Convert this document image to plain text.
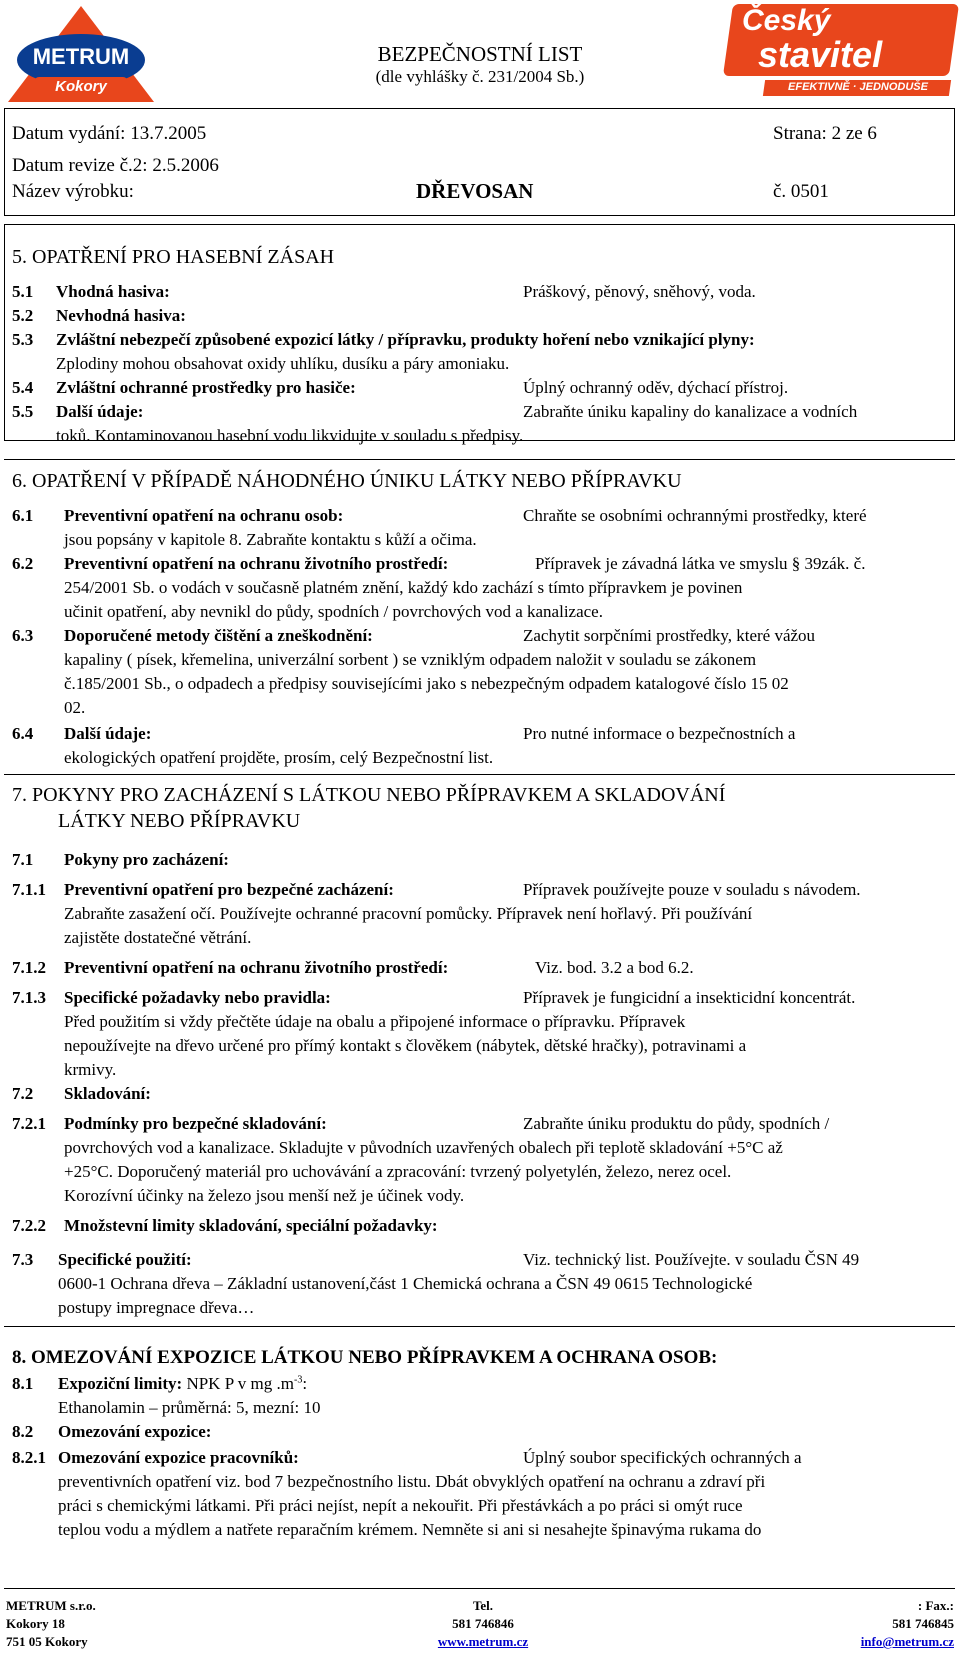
METRUM
Kokory
BEZPEČNOSTNÍ LIST
(dle vyhlášky č. 231/2004 Sb.)
Český
stavitel
EFEKTIVNĚ · JEDNODUŠE
Datum vydání: 13.7.2005	Strana: 2 ze 6
Datum revize č.2: 2.5.2006
Název výrobku:	DŘEVOSAN	č. 0501
5. OPATŘENÍ PRO HASEBNÍ ZÁSAH
5.1 Vhodná hasiva:	Práškový, pěnový, sněhový, voda.
5.2 Nevhodná hasiva:
5.3 Zvláštní nebezpečí způsobené expozicí látky / přípravku, produkty hoření nebo vznikající plyny:
Zplodiny mohou obsahovat oxidy uhlíku, dusíku a páry amoniaku.
5.4 Zvláštní ochranné prostředky pro hasiče:	Úplný ochranný oděv, dýchací přístroj.
5.5 Další údaje:	Zabraňte úniku kapaliny do kanalizace a vodních
toků. Kontaminovanou hasební vodu likvidujte v souladu s předpisy.
6. OPATŘENÍ V PŘÍPADĚ NÁHODNÉHO ÚNIKU LÁTKY NEBO PŘÍPRAVKU
6.1 Preventivní opatření na ochranu osob:	Chraňte se osobními ochrannými prostředky, které
jsou popsány v kapitole 8. Zabraňte kontaktu s kůží a očima.
6.2 Preventivní opatření na ochranu životního prostředí:	Přípravek je závadná látka ve smyslu § 39zák. č.
254/2001 Sb. o vodách v současně platném znění, každý kdo zachází s tímto přípravkem je povinen
učinit opatření, aby nevnikl do půdy, spodních / povrchových vod a kanalizace.
6.3 Doporučené metody čištění a zneškodnění:	Zachytit sorpčními prostředky, které vážou
kapaliny ( písek, křemelina, univerzální sorbent ) se vzniklým odpadem naložit v souladu se zákonem
č.185/2001 Sb., o odpadech a předpisy souvisejícími jako s nebezpečným odpadem katalogové číslo 15 02
02.
6.4 Další údaje:	Pro nutné informace o bezpečnostních a
ekologických opatření projděte, prosím, celý Bezpečnostní list.
7. POKYNY PRO ZACHÁZENÍ S LÁTKOU NEBO PŘÍPRAVKEM A SKLADOVÁNÍ
LÁTKY NEBO PŘÍPRAVKU
7.1 Pokyny pro zacházení:
7.1.1 Preventivní opatření pro bezpečné zacházení:	Přípravek používejte pouze v souladu s návodem.
Zabraňte zasažení očí. Používejte ochranné pracovní pomůcky. Přípravek není hořlavý. Při používání
zajistěte dostatečné větrání.
7.1.2 Preventivní opatření na ochranu životního prostředí:	Viz. bod. 3.2 a bod 6.2.
7.1.3 Specifické požadavky nebo pravidla:	Přípravek je fungicidní a insekticidní koncentrát.
Před použitím si vždy přečtěte údaje na obalu a připojené informace o přípravku. Přípravek
nepoužívejte na dřevo určené pro přímý kontakt s člověkem (nábytek, dětské hračky), potravinami a
krmivy.
7.2 Skladování:
7.2.1 Podmínky pro bezpečné skladování:	Zabraňte úniku produktu do půdy, spodních /
povrchových vod a kanalizace. Skladujte v původních uzavřených obalech při teplotě skladování +5°C až
+25°C. Doporučený materiál pro uchovávání a zpracování: tvrzený polyetylén, železo, nerez ocel.
Korozívní účinky na železo jsou menší než je účinek vody.
7.2.2 Množstevní limity skladování, speciální požadavky:
7.3 Specifické použití:	Viz. technický list. Používejte. v souladu ČSN 49
0600-1 Ochrana dřeva – Základní ustanovení,část 1 Chemická ochrana a ČSN 49 0615 Technologické
postupy impregnace dřeva…
8. OMEZOVÁNÍ EXPOZICE LÁTKOU NEBO PŘÍPRAVKEM A OCHRANA OSOB:
8.1 Expoziční limity: NPK P v mg $.m^{-3}$:
Ethanolamin – průměrná: 5, mezní: 10
8.2 Omezování expozice:
8.2.1 Omezování expozice pracovníků:	Úplný soubor specifických ochranných a
preventivních opatření viz. bod 7 bezpečnostního listu. Dbát obvyklých opatření na ochranu a zdraví při
práci s chemickými látkami. Při práci nejíst, nepít a nekouřit. Při přestávkách a po práci si omýt ruce
teplou vodu a mýdlem a natřete reparačním krémem. Nemněte si ani si nesahejte špinavýma rukama do
METRUM s.r.o.
Kokory 18
751 05 Kokory
Tel.
581 746846
www.metrum.cz
: Fax.:
581 746845
info@metrum.cz
